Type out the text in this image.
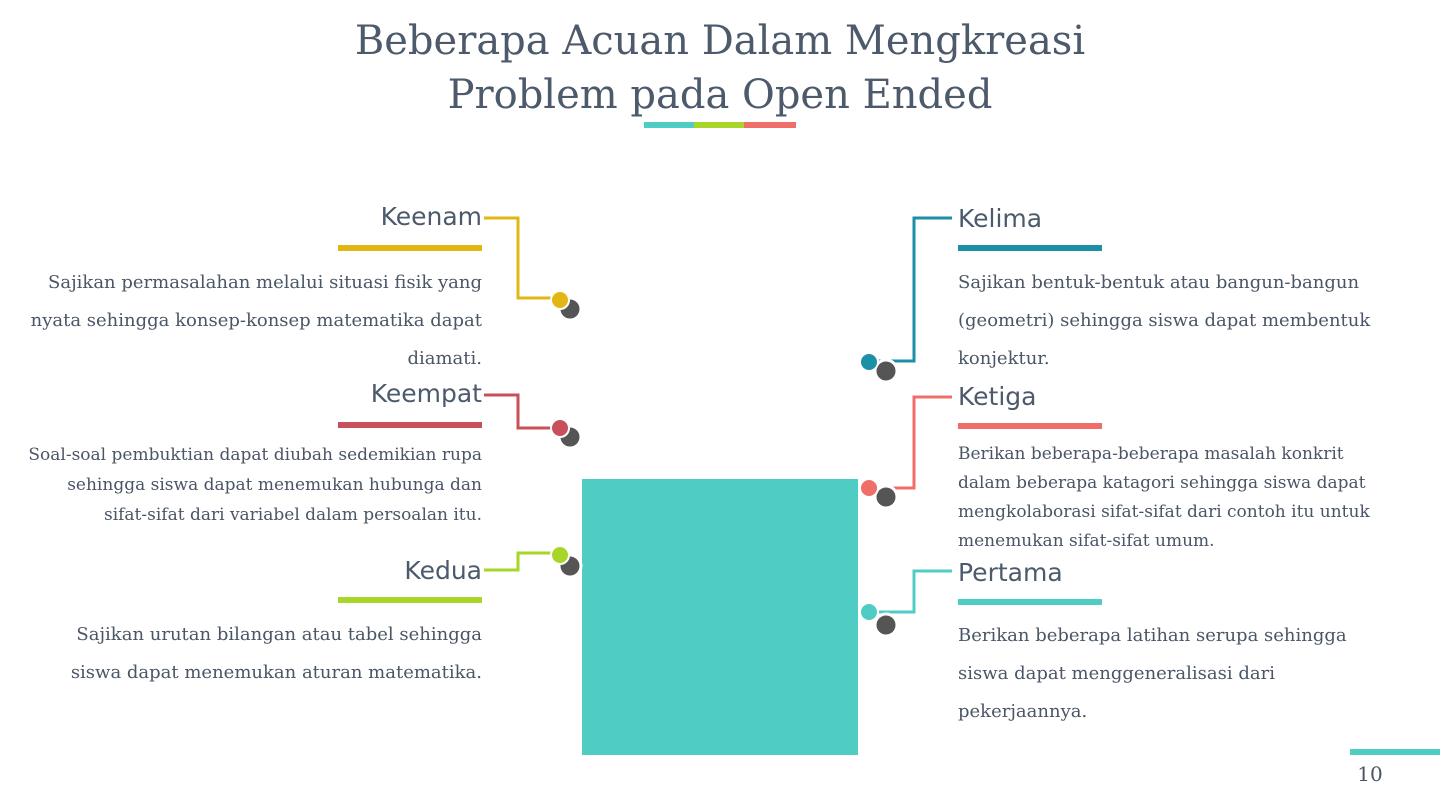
Beberapa Acuan Dalam Mengkreasi
Problem pada Open Ended
Keenam
Sajikan permasalahan melalui situasi fisik yang nyata sehingga konsep-konsep matematika dapat diamati.
Keempat
Soal-soal pembuktian dapat diubah sedemikian rupa sehingga siswa dapat menemukan hubunga dan sifat-sifat dari variabel dalam persoalan itu.
Kedua
Sajikan urutan bilangan atau tabel sehingga siswa dapat menemukan aturan matematika.
Kelima
Sajikan bentuk-bentuk atau bangun-bangun (geometri) sehingga siswa dapat membentuk konjektur.
Ketiga
Berikan beberapa-beberapa masalah konkrit dalam beberapa katagori sehingga siswa dapat mengkolaborasi sifat-sifat dari contoh itu untuk menemukan sifat-sifat umum.
Pertama
Berikan beberapa latihan serupa sehingga siswa dapat menggeneralisasi dari pekerjaannya.
10
